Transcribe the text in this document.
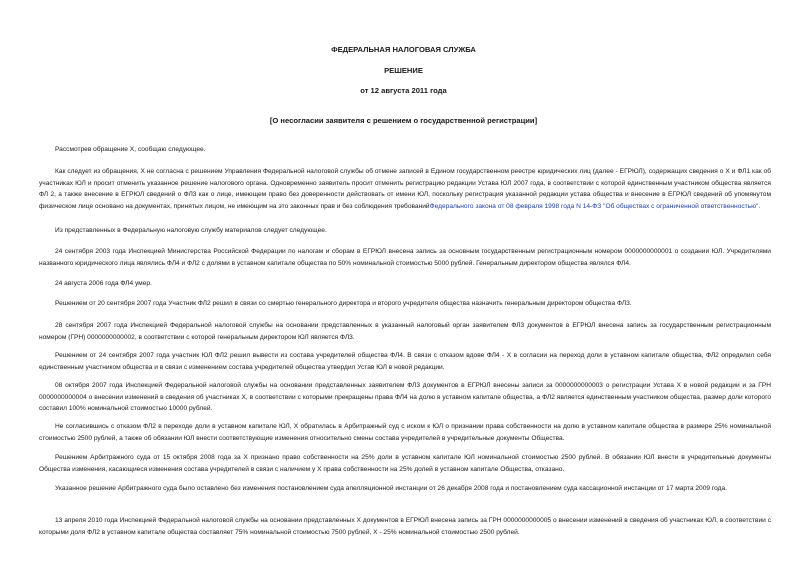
ФЕДЕРАЛЬНАЯ НАЛОГОВАЯ СЛУЖБА
РЕШЕНИЕ
от 12 августа 2011 года
[О несогласии заявителя с решением о государственной регистрации]
Рассмотрев обращение Х, сообщаю следующее.
Как следует из обращения, Х не согласна с решением Управления Федеральной налоговой службы об отмене записей в Едином государственном реестре юридических лиц (далее - ЕГРЮЛ), содержащих сведения о Х и ФЛ1 как об участниках ЮЛ и просит отменить указанное решение налогового органа. Одновременно заявитель просит отменить регистрацию редакции Устава ЮЛ 2007 года, в соответствии с которой единственным участником общества является ФЛ 2, а также внесение в ЕГРЮЛ сведений о ФЛ3 как о лице, имеющем право без доверенности действовать от имени ЮЛ, поскольку регистрация указанной редакции устава общества и внесение в ЕГРЮЛ сведений об упомянутом физическом лице основано на документах, принятых лицом, не имеющим на это законных прав и без соблюдения требованийФедерального закона от 08 февраля 1998 года N 14-ФЗ "Об обществах с ограниченной ответственностью".
Из представленных в Федеральную налоговую службу материалов следует следующее.
24 сентября 2003 года Инспекцией Министерства Российской Федерации по налогам и сборам в ЕГРЮЛ внесена запись за основным государственным регистрационным номером 0000000000001 о создании ЮЛ. Учредителями названного юридического лица являлись ФЛ4 и ФЛ2 с долями в уставном капитале общества по 50% номинальной стоимостью 5000 рублей. Генеральным директором общества являлся ФЛ4.
24 августа 2006 года ФЛ4 умер.
Решением от 20 сентября 2007 года Участник ФЛ2 решил в связи со смертью генерального директора и второго учредителя общества назначить генеральным директором общества ФЛ3.
28 сентября 2007 года Инспекцией Федеральной налоговой службы на основании представленных в указанный налоговый орган заявителем ФЛ3 документов в ЕГРЮЛ внесена запись за государственным регистрационным номером (ГРН) 0000000000002, в соответствии с которой генеральным директором ЮЛ является ФЛ3.
Решением от 24 сентября 2007 года участник ЮЛ ФЛ2 решил вывести из состава учредителей общества ФЛ4. В связи с отказом вдове ФЛ4 - Х в согласии на переход доли в уставном капитале общества, ФЛ2 определил себя единственным участником общества и в связи с изменением состава учредителей общества утвердил Устав ЮЛ в новой редакции.
08 октября 2007 года Инспекцией Федеральной налоговой службы на основании представленных заявителем ФЛ3 документов в ЕГРЮЛ внесены записи за 0000000000003 о регистрации Устава Х в новой редакции и за ГРН 0000000000004 о внесении изменений в сведения об участниках Х, в соответствии с которыми прекращены права ФЛ4 на долю в уставном капитале общества, а ФЛ2 является единственным участником общества, размер доли которого составил 100% номинальной стоимостью 10000 рублей.
Не согласившись с отказом ФЛ2 в переходе доли в уставном капитале ЮЛ, Х обратилась в Арбитражный суд с иском к ЮЛ о признании права собственности на долю в уставном капитале общества в размере 25% номинальной стоимостью 2500 рублей, а также об обязании ЮЛ внести соответствующие изменения относительно смены состава учредителей в учредительные документы Общества.
Решением Арбитражного суда от 15 октября 2008 года за Х признано право собственности на 25% доли в уставном капитале ЮЛ номинальной стоимостью 2500 рублей. В обязании ЮЛ внести в учредительные документы Общества изменения, касающиеся изменения состава учредителей в связи с наличием у Х права собственности на 25% долей в уставном капитале Общества, отказано.
Указанное решение Арбитражного суда было оставлено без изменения постановлением суда апелляционной инстанции от 26 декабря 2008 года и постановлением суда кассационной инстанции от 17 марта 2009 года.
13 апреля 2010 года Инспекцией Федеральной налоговой службы на основании представленных Х документов в ЕГРЮЛ внесена запись за ГРН 0000000000005 о внесении изменений в сведения об участниках ЮЛ, в соответствии с которыми доля ФЛ2 в уставном капитале общества составляет 75% номинальной стоимостью 7500 рублей, Х - 25% номинальной стоимостью 2500 рублей.
